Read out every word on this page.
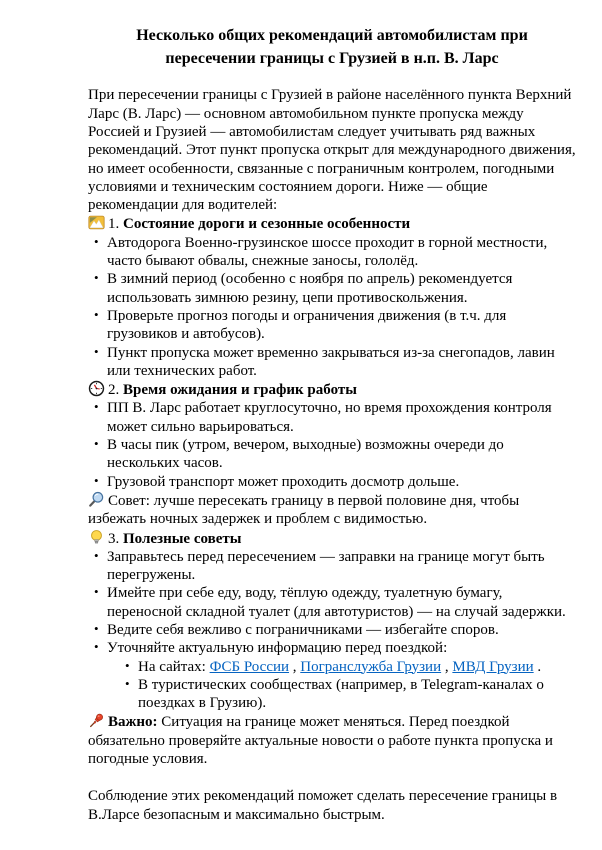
Несколько общих рекомендаций автомобилистам при пересечении границы с Грузией в н.п. В. Ларс

При пересечении границы с Грузией в районе населённого пункта Верхний Ларс (В. Ларс) — основном автомобильном пункте пропуска между Россией и Грузией — автомобилистам следует учитывать ряд важных рекомендаций. Этот пункт пропуска открыт для международного движения, но имеет особенности, связанные с пограничным контролем, погодными условиями и техническим состоянием дороги. Ниже — общие рекомендации для водителей:

1. Состояние дороги и сезонные особенности

• Автодорога Военно-грузинское шоссе проходит в горной местности, часто бывают обвалы, снежные заносы, гололёд.
• В зимний период (особенно с ноября по апрель) рекомендуется использовать зимнюю резину, цепи противоскольжения.
• Проверьте прогноз погоды и ограничения движения (в т.ч. для грузовиков и автобусов).
• Пункт пропуска может временно закрываться из-за снегопадов, лавин или технических работ.

2. Время ожидания и график работы

• ПП В. Ларс работает круглосуточно, но время прохождения контроля может сильно варьироваться.
• В часы пик (утром, вечером, выходные) возможны очереди до нескольких часов.
• Грузовой транспорт может проходить досмотр дольше.

Совет: лучше пересекать границу в первой половине дня, чтобы избежать ночных задержек и проблем с видимостью.

3. Полезные советы

• Заправьтесь перед пересечением — заправки на границе могут быть перегружены.
• Имейте при себе еду, воду, тёплую одежду, туалетную бумагу, переносной складной туалет (для автотуристов) — на случай задержки.
• Ведите себя вежливо с пограничниками — избегайте споров.
• Уточняйте актуальную информацию перед поездкой:
• На сайтах: ФСБ России , Погранслужба Грузии , МВД Грузии .
• В туристических сообществах (например, в Telegram-каналах о поездках в Грузию).

Важно: Ситуация на границе может меняться. Перед поездкой обязательно проверяйте актуальные новости о работе пункта пропуска и погодные условия.

Соблюдение этих рекомендаций поможет сделать пересечение границы в В.Ларсе безопасным и максимально быстрым.
